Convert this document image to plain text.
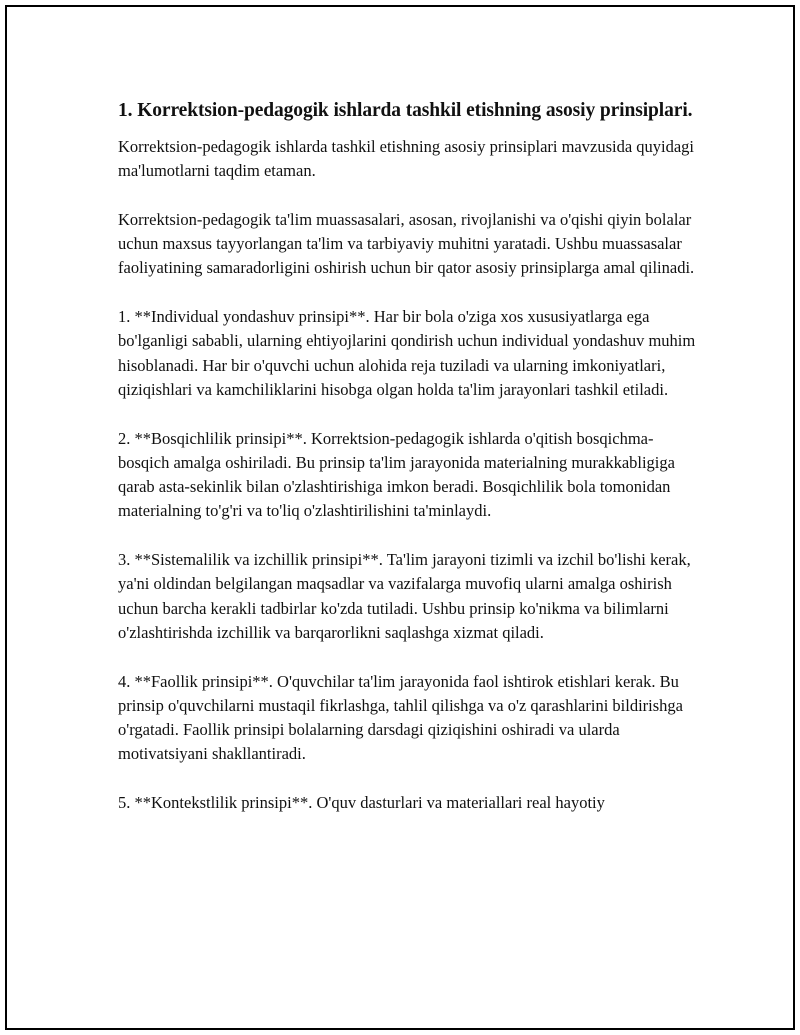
1. Korrektsion-pedagogik ishlarda tashkil etishning asosiy prinsiplari.

Korrektsion-pedagogik ishlarda tashkil etishning asosiy prinsiplari mavzusida quyidagi ma'lumotlarni taqdim etaman.

Korrektsion-pedagogik ta'lim muassasalari, asosan, rivojlanishi va o'qishi qiyin bolalar uchun maxsus tayyorlangan ta'lim va tarbiyaviy muhitni yaratadi. Ushbu muassasalar faoliyatining samaradorligini oshirish uchun bir qator asosiy prinsiplarga amal qilinadi.

1. **Individual yondashuv prinsipi**. Har bir bola o'ziga xos xususiyatlarga ega bo'lganligi sababli, ularning ehtiyojlarini qondirish uchun individual yondashuv muhim hisoblanadi. Har bir o'quvchi uchun alohida reja tuziladi va ularning imkoniyatlari, qiziqishlari va kamchiliklarini hisobga olgan holda ta'lim jarayonlari tashkil etiladi.

2. **Bosqichlilik prinsipi**. Korrektsion-pedagogik ishlarda o'qitish bosqichma-bosqich amalga oshiriladi. Bu prinsip ta'lim jarayonida materialning murakkabligiga qarab asta-sekinlik bilan o'zlashtirishiga imkon beradi. Bosqichlilik bola tomonidan materialning to'g'ri va to'liq o'zlashtirilishini ta'minlaydi.

3. **Sistemalilik va izchillik prinsipi**. Ta'lim jarayoni tizimli va izchil bo'lishi kerak, ya'ni oldindan belgilangan maqsadlar va vazifalarga muvofiq ularni amalga oshirish uchun barcha kerakli tadbirlar ko'zda tutiladi. Ushbu prinsip ko'nikma va bilimlarni o'zlashtirishda izchillik va barqarorlikni saqlashga xizmat qiladi.

4. **Faollik prinsipi**. O'quvchilar ta'lim jarayonida faol ishtirok etishlari kerak. Bu prinsip o'quvchilarni mustaqil fikrlashga, tahlil qilishga va o'z qarashlarini bildirishga o'rgatadi. Faollik prinsipi bolalarning darsdagi qiziqishini oshiradi va ularda motivatsiyani shakllantiradi.

5. **Kontekstlilik prinsipi**. O'quv dasturlari va materiallari real hayotiy
